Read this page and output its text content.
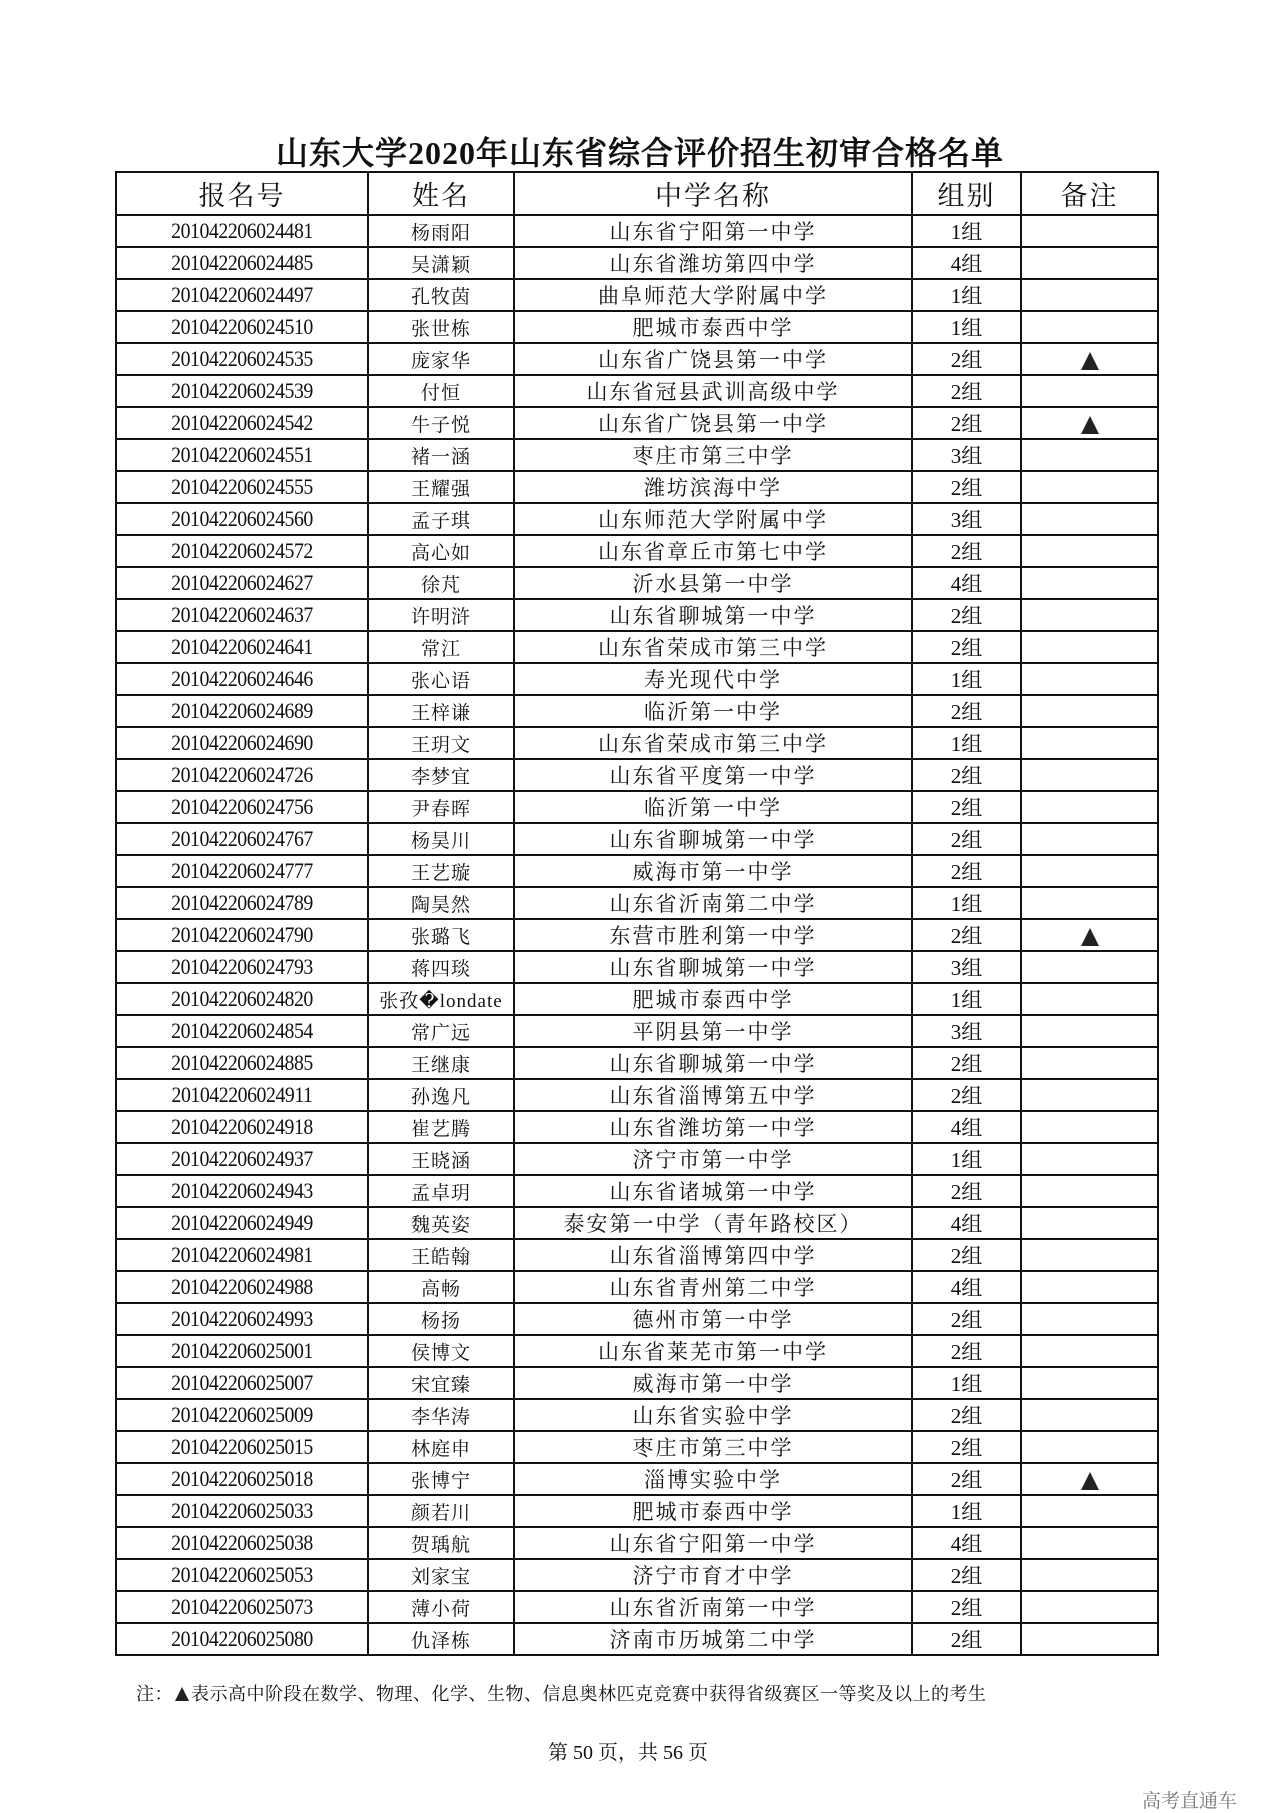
山东大学2020年山东省综合评价招生初审合格名单
报名号	姓名	中学名称	组别	备注
201042206024481	杨雨阳	山东省宁阳第一中学	1组	
201042206024485	吴潇颖	山东省潍坊第四中学	4组	
201042206024497	孔牧茵	曲阜师范大学附属中学	1组	
201042206024510	张世栋	肥城市泰西中学	1组	
201042206024535	庞家华	山东省广饶县第一中学	2组	
201042206024539	付恒	山东省冠县武训高级中学	2组	
201042206024542	牛子悦	山东省广饶县第一中学	2组	
201042206024551	褚一涵	枣庄市第三中学	3组	
201042206024555	王耀强	潍坊滨海中学	2组	
201042206024560	孟子琪	山东师范大学附属中学	3组	
201042206024572	高心如	山东省章丘市第七中学	2组	
201042206024627	徐芃	沂水县第一中学	4组	
201042206024637	许明浒	山东省聊城第一中学	2组	
201042206024641	常江	山东省荣成市第三中学	2组	
201042206024646	张心语	寿光现代中学	1组	
201042206024689	王梓谦	临沂第一中学	2组	
201042206024690	王玥文	山东省荣成市第三中学	1组	
201042206024726	李梦宜	山东省平度第一中学	2组	
201042206024756	尹春晖	临沂第一中学	2组	
201042206024767	杨昊川	山东省聊城第一中学	2组	
201042206024777	王艺璇	威海市第一中学	2组	
201042206024789	陶昊然	山东省沂南第二中学	1组	
201042206024790	张璐飞	东营市胜利第一中学	2组	
201042206024793	蒋四琰	山东省聊城第一中学	3组	
201042206024820	张孜�londate	肥城市泰西中学	1组	
201042206024854	常广远	平阴县第一中学	3组	
201042206024885	王继康	山东省聊城第一中学	2组	
201042206024911	孙逸凡	山东省淄博第五中学	2组	
201042206024918	崔艺腾	山东省潍坊第一中学	4组	
201042206024937	王晓涵	济宁市第一中学	1组	
201042206024943	孟卓玥	山东省诸城第一中学	2组	
201042206024949	魏英姿	泰安第一中学（青年路校区）	4组	
201042206024981	王皓翰	山东省淄博第四中学	2组	
201042206024988	高畅	山东省青州第二中学	4组	
201042206024993	杨扬	德州市第一中学	2组	
201042206025001	侯博文	山东省莱芜市第一中学	2组	
201042206025007	宋宜臻	威海市第一中学	1组	
201042206025009	李华涛	山东省实验中学	2组	
201042206025015	林庭申	枣庄市第三中学	2组	
201042206025018	张博宁	淄博实验中学	2组	
201042206025033	颜若川	肥城市泰西中学	1组	
201042206025038	贺瑀航	山东省宁阳第一中学	4组	
201042206025053	刘家宝	济宁市育才中学	2组	
201042206025073	薄小荷	山东省沂南第一中学	2组	
201042206025080	仇泽栋	济南市历城第二中学	2组	
注： 表示高中阶段在数学、物理、化学、生物、信息奥林匹克竞赛中获得省级赛区一等奖及以上的考生
第 50 页，共 56 页
高考直通车
